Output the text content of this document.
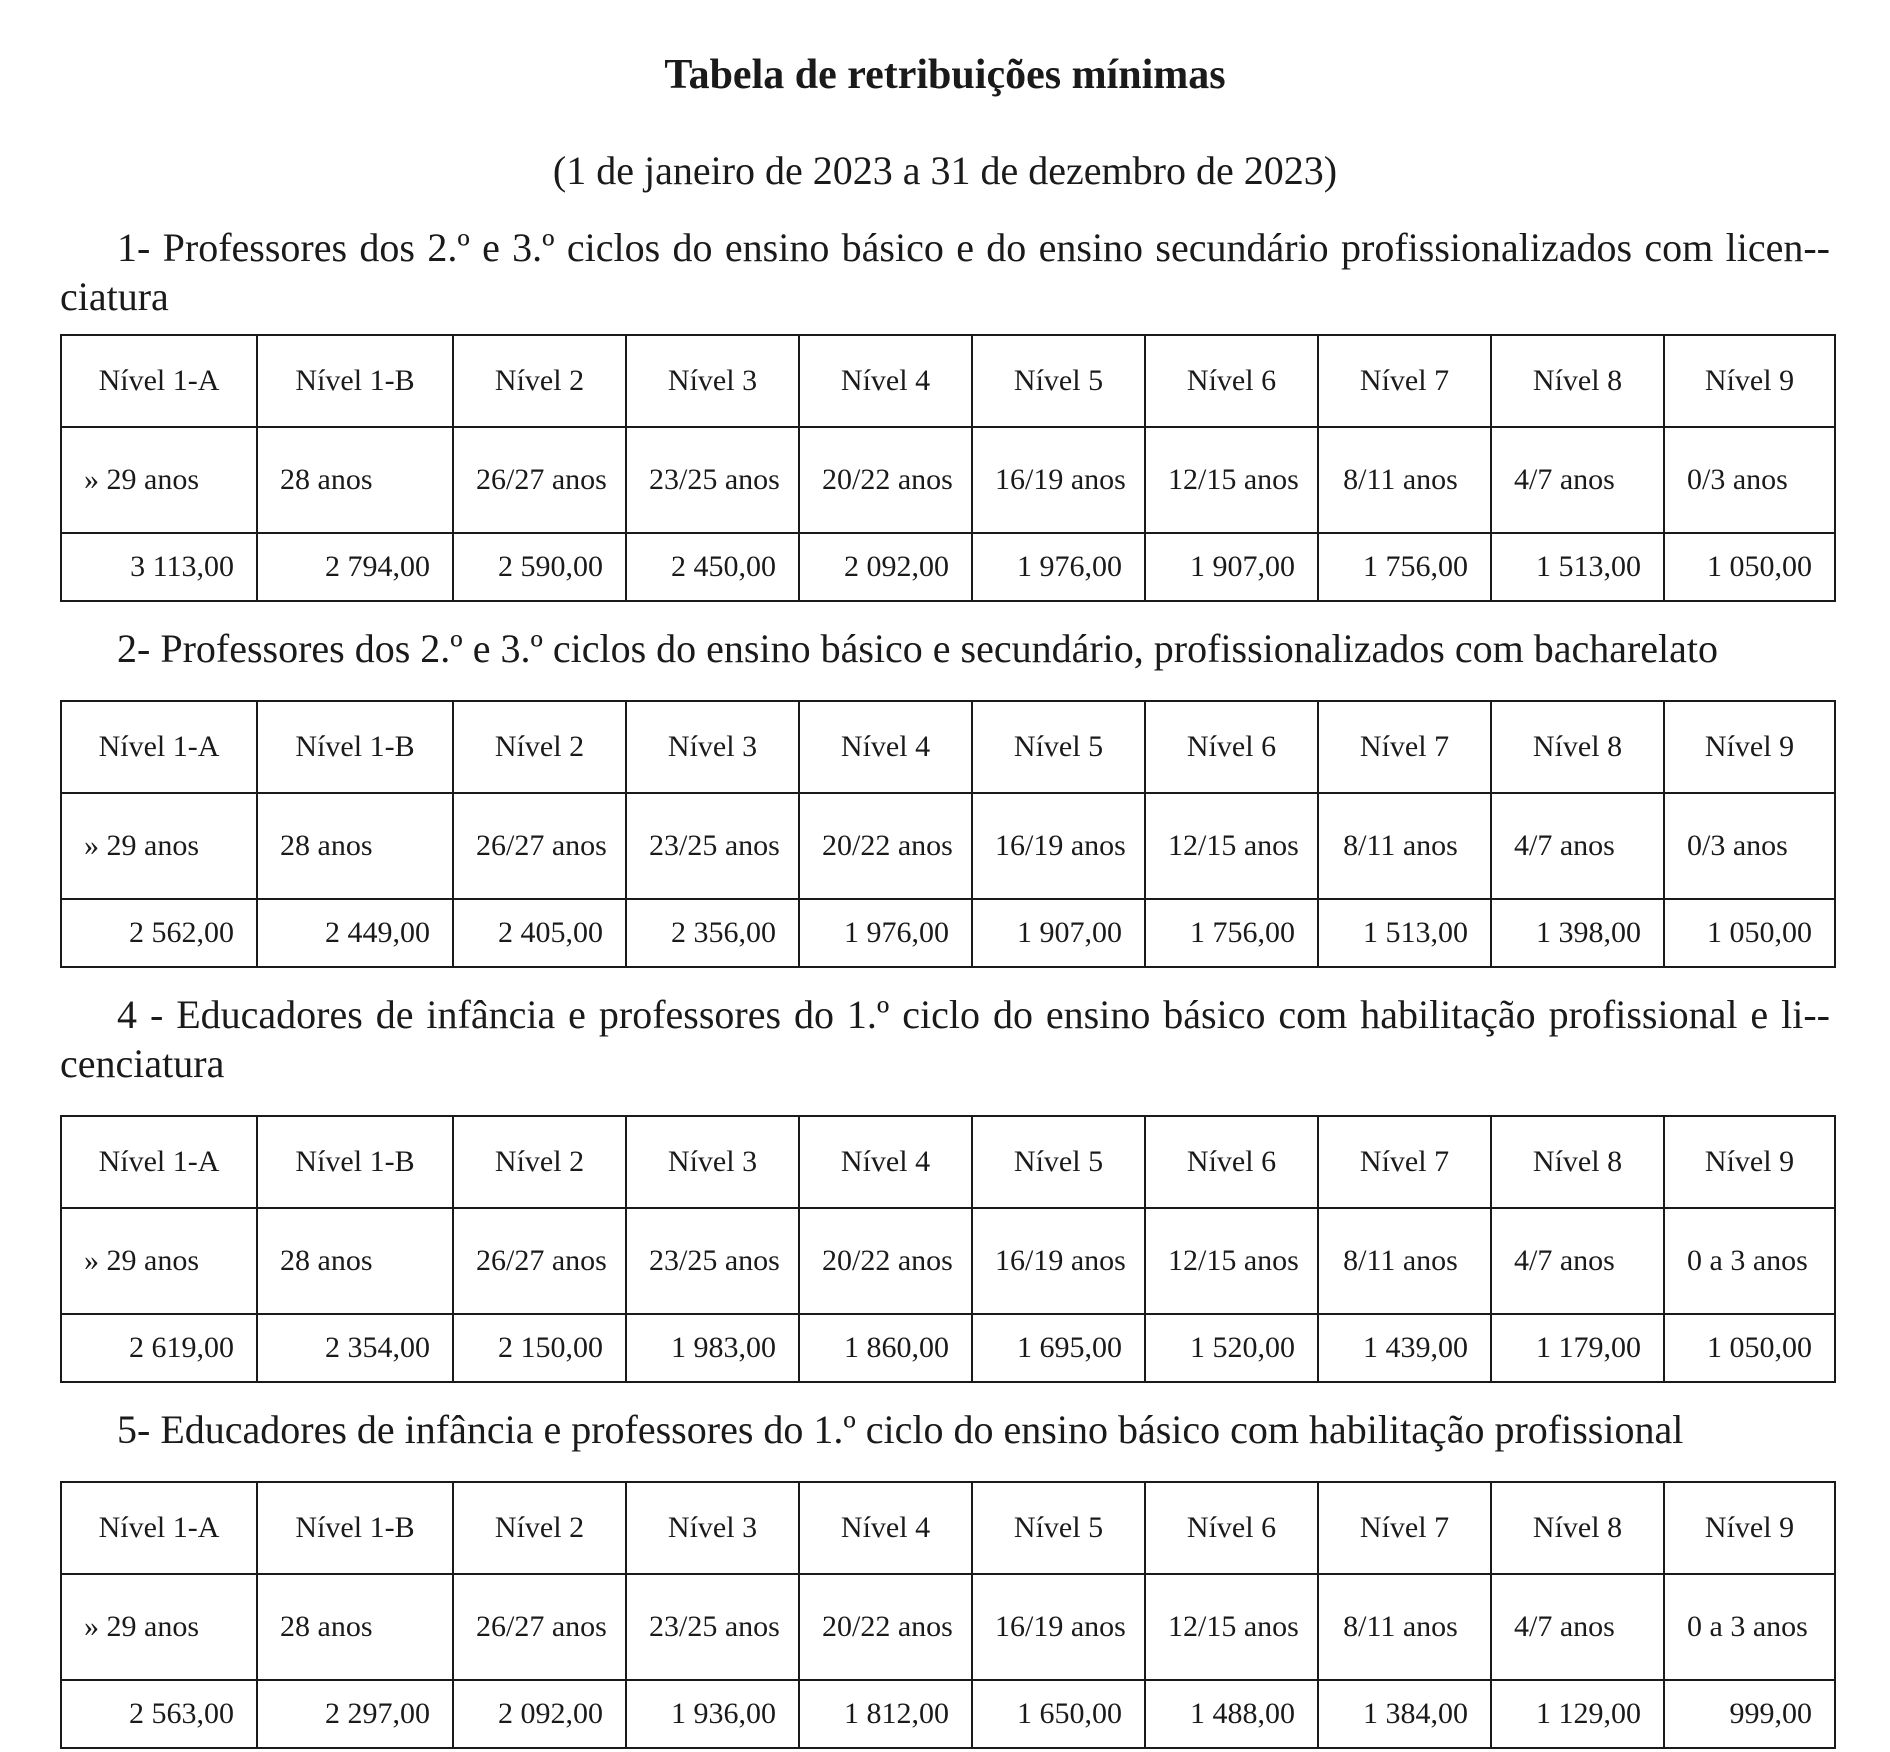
Tabela de retribuições mínimas
(1 de janeiro de 2023 a 31 de dezembro de 2023)

1- Professores dos 2.º e 3.º ciclos do ensino básico e do ensino secundário profissionalizados com licen-ciatura

Nível 1-A	Nível 1-B	Nível 2	Nível 3	Nível 4	Nível 5	Nível 6	Nível 7	Nível 8	Nível 9
» 29 anos	28 anos	26/27 anos	23/25 anos	20/22 anos	16/19 anos	12/15 anos	8/11 anos	4/7 anos	0/3 anos
3 113,00	2 794,00	2 590,00	2 450,00	2 092,00	1 976,00	1 907,00	1 756,00	1 513,00	1 050,00

2- Professores dos 2.º e 3.º ciclos do ensino básico e secundário, profissionalizados com bacharelato

Nível 1-A	Nível 1-B	Nível 2	Nível 3	Nível 4	Nível 5	Nível 6	Nível 7	Nível 8	Nível 9
» 29 anos	28 anos	26/27 anos	23/25 anos	20/22 anos	16/19 anos	12/15 anos	8/11 anos	4/7 anos	0/3 anos
2 562,00	2 449,00	2 405,00	2 356,00	1 976,00	1 907,00	1 756,00	1 513,00	1 398,00	1 050,00

4 - Educadores de infância e professores do 1.º ciclo do ensino básico com habilitação profissional e li-cenciatura

Nível 1-A	Nível 1-B	Nível 2	Nível 3	Nível 4	Nível 5	Nível 6	Nível 7	Nível 8	Nível 9
» 29 anos	28 anos	26/27 anos	23/25 anos	20/22 anos	16/19 anos	12/15 anos	8/11 anos	4/7 anos	0 a 3 anos
2 619,00	2 354,00	2 150,00	1 983,00	1 860,00	1 695,00	1 520,00	1 439,00	1 179,00	1 050,00

5- Educadores de infância e professores do 1.º ciclo do ensino básico com habilitação profissional

Nível 1-A	Nível 1-B	Nível 2	Nível 3	Nível 4	Nível 5	Nível 6	Nível 7	Nível 8	Nível 9
» 29 anos	28 anos	26/27 anos	23/25 anos	20/22 anos	16/19 anos	12/15 anos	8/11 anos	4/7 anos	0 a 3 anos
2 563,00	2 297,00	2 092,00	1 936,00	1 812,00	1 650,00	1 488,00	1 384,00	1 129,00	999,00
